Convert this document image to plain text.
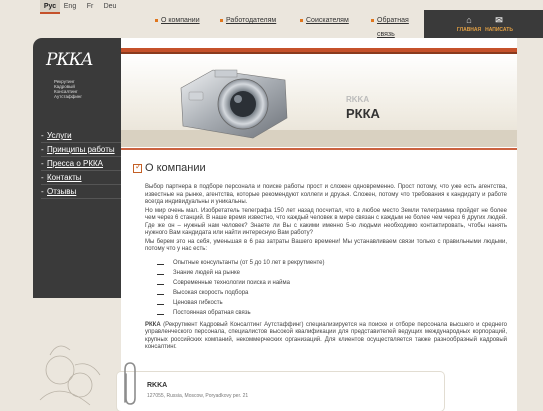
Рус	Eng	Fr	Deu
О компании	Работодателям	Соискателям	Обратная связь
⌂
ГЛАВНАЯ
✉
НАПИСАТЬ
РККА
Рекрутинг
Кадровый
Консалтинг
Аутстаффинг
- Услуги
- Принципы работы
- Пресса о РККА
- Контакты
- Отзывы
RKKA
РККА
✓
О компании

Выбор партнера в подборе персонала и поиске работы прост и сложен одновременно. Прост потому, что уже есть агентства, известные на рынке, агентства, которые рекомендуют коллеги и друзья. Сложен, потому что требования к кандидату и работе всегда индивидуальны и уникальны.

Но мир очень мал. Изобретатель телеграфа 150 лет назад посчитал, что в любое место Земли телеграмма пройдет не более чем через 6 станций. В наше время известно, что каждый человек в мире связан с каждым не более чем через 6 других людей. Где же он – нужный нам человек? Знаете ли Вы с какими именно 5-ю людьми необходимо контактировать, чтобы нанять нужного Вам кандидата или найти интересную Вам работу?

Мы берем это на себя, уменьшая в 6 раз затраты Вашего времени! Мы устанавливаем связи только с правильными людьми, потому что у нас есть:

Опытные консультанты (от 5 до 10 лет в рекрутменте)
Знание людей на рынке
Современные технологии поиска и найма
Высокая скорость подбора
Ценовая гибкость
Постоянная обратная связь

РККА (Рекрутмент Кадровый Консалтинг Аутстаффинг) специализируется на поиске и отборе персонала высшего и среднего управленческого персонала, специалистов высокой квалификации для представителей ведущих международных корпораций, крупных российских компаний, некоммерческих организаций. Для клиентов осуществляется также разнообразный кадровый консалтинг.

RKKA
127055, Russia, Moscow, Poryadkovy per. 21
